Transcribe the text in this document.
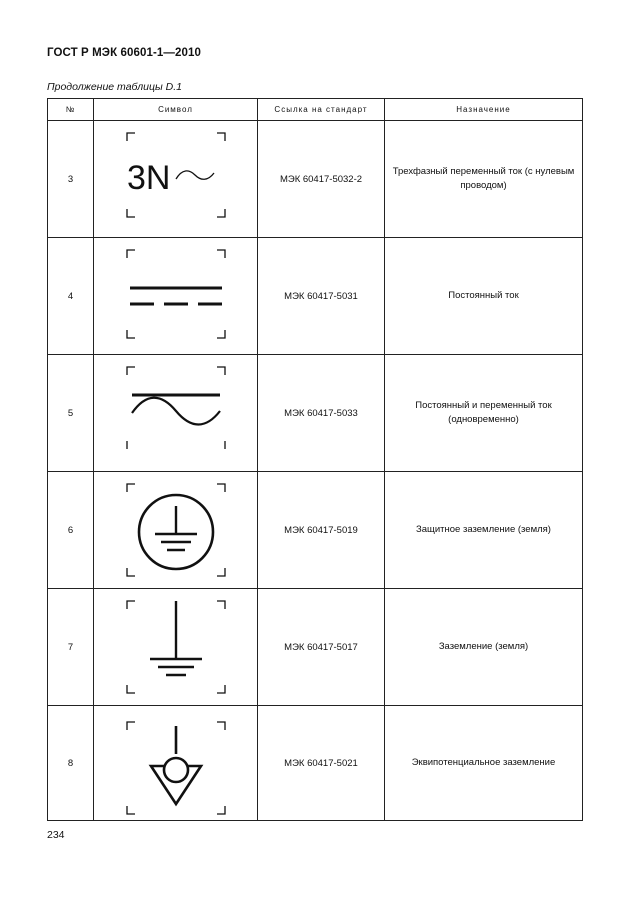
ГОСТ Р МЭК 60601-1—2010
Продолжение таблицы D.1
№	Символ	Ссылка на стандарт	Назначение
3	3N	МЭК 60417-5032-2	Трехфазный переменный ток (с нулевым проводом)
4		МЭК 60417-5031	Постоянный ток
5		МЭК 60417-5033	Постоянный и переменный ток (одновременно)
6		МЭК 60417-5019	Защитное заземление (земля)
7		МЭК 60417-5017	Заземление (земля)
8		МЭК 60417-5021	Эквипотенциальное заземление
234
